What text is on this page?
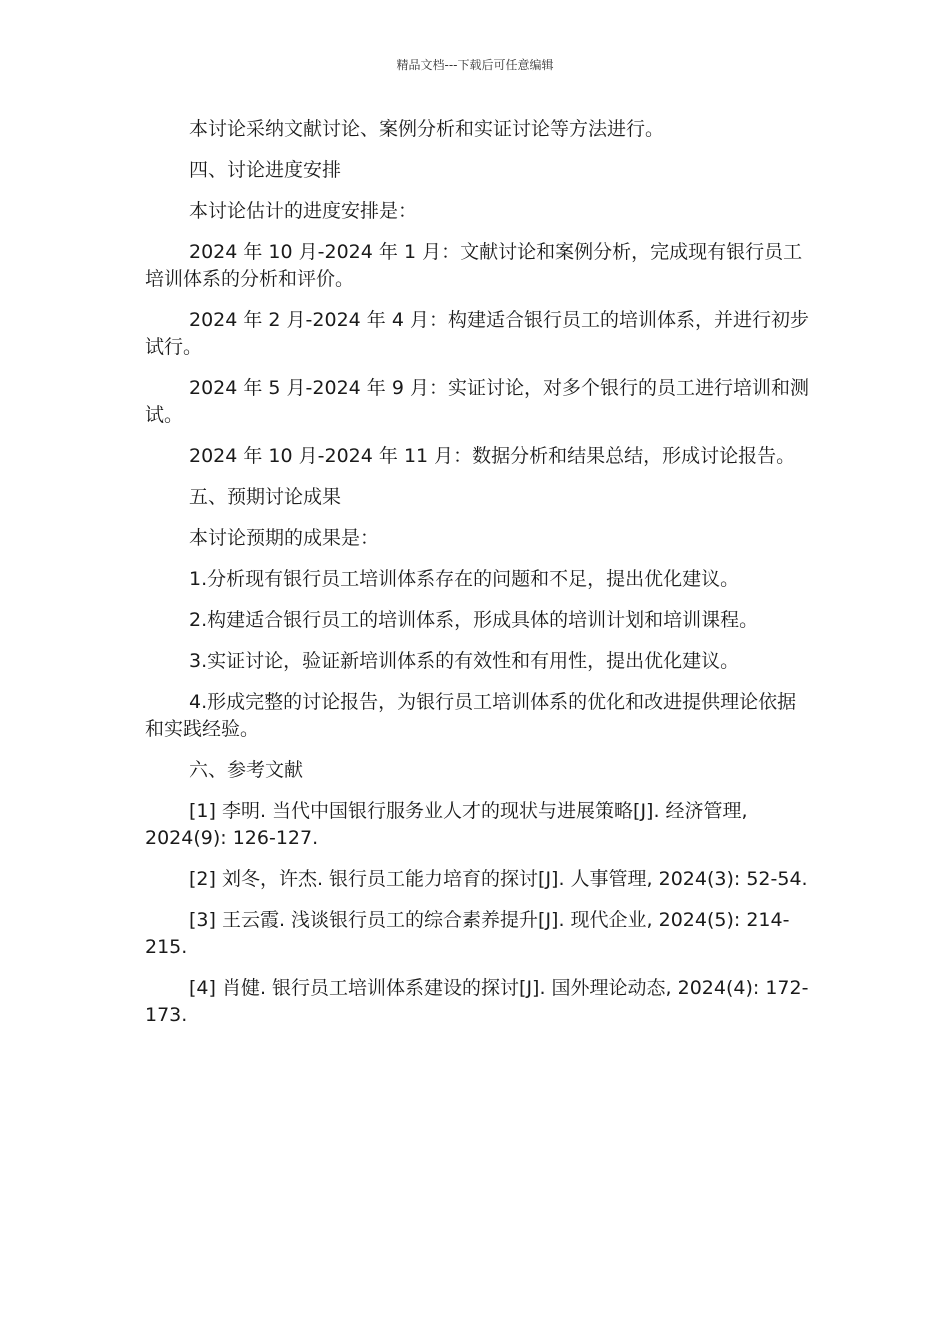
精品文档---下载后可任意编辑

本讨论采纳文献讨论、案例分析和实证讨论等方法进行。

四、讨论进度安排

本讨论估计的进度安排是：

2024 年 10 月-2024 年 1 月：文献讨论和案例分析，完成现有银行员工培训体系的分析和评价。

2024 年 2 月-2024 年 4 月：构建适合银行员工的培训体系，并进行初步试行。

2024 年 5 月-2024 年 9 月：实证讨论，对多个银行的员工进行培训和测试。

2024 年 10 月-2024 年 11 月：数据分析和结果总结，形成讨论报告。

五、预期讨论成果

本讨论预期的成果是：

1.分析现有银行员工培训体系存在的问题和不足，提出优化建议。

2.构建适合银行员工的培训体系，形成具体的培训计划和培训课程。

3.实证讨论，验证新培训体系的有效性和有用性，提出优化建议。

4.形成完整的讨论报告，为银行员工培训体系的优化和改进提供理论依据和实践经验。

六、参考文献

[1] 李明. 当代中国银行服务业人才的现状与进展策略[J]. 经济管理, 2024(9): 126-127.

[2] 刘冬，许杰. 银行员工能力培育的探讨[J]. 人事管理, 2024(3): 52-54.

[3] 王云霞. 浅谈银行员工的综合素养提升[J]. 现代企业, 2024(5): 214-215.

[4] 肖健. 银行员工培训体系建设的探讨[J]. 国外理论动态, 2024(4): 172-173.
